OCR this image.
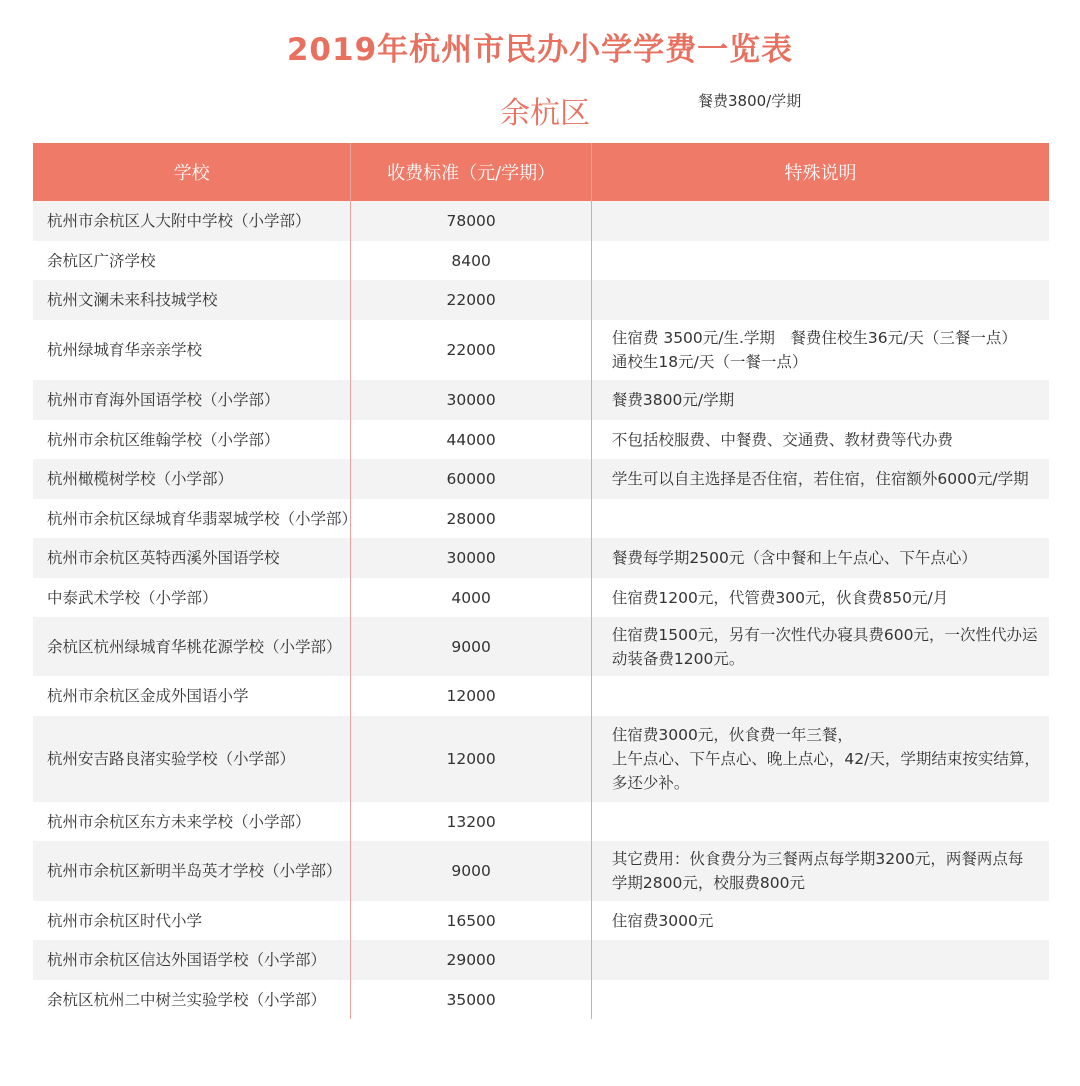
2019年杭州市民办小学学费一览表
余杭区	餐费3800/学期
学校	收费标准（元/学期）	特殊说明
杭州市余杭区人大附中学校（小学部）	78000	
余杭区广济学校	8400	
杭州文澜未来科技城学校	22000	
杭州绿城育华亲亲学校	22000	住宿费 3500元/生.学期　餐费住校生36元/天（三餐一点）
通校生18元/天（一餐一点）
杭州市育海外国语学校（小学部）	30000	餐费3800元/学期
杭州市余杭区维翰学校（小学部）	44000	不包括校服费、中餐费、交通费、教材费等代办费
杭州橄榄树学校（小学部）	60000	学生可以自主选择是否住宿，若住宿，住宿额外6000元/学期
杭州市余杭区绿城育华翡翠城学校（小学部）	28000	
杭州市余杭区英特西溪外国语学校	30000	餐费每学期2500元（含中餐和上午点心、下午点心）
中泰武术学校（小学部）	4000	住宿费1200元，代管费300元，伙食费850元/月
余杭区杭州绿城育华桃花源学校（小学部）	9000	住宿费1500元，另有一次性代办寝具费600元，一次性代办运
动装备费1200元。
杭州市余杭区金成外国语小学	12000	
杭州安吉路良渚实验学校（小学部）	12000	住宿费3000元，伙食费一年三餐，
上午点心、下午点心、晚上点心，42/天，学期结束按实结算，
多还少补。
杭州市余杭区东方未来学校（小学部）	13200	
杭州市余杭区新明半岛英才学校（小学部）	9000	其它费用：伙食费分为三餐两点每学期3200元，两餐两点每
学期2800元，校服费800元
杭州市余杭区时代小学	16500	住宿费3000元
杭州市余杭区信达外国语学校（小学部）	29000	
余杭区杭州二中树兰实验学校（小学部）	35000	
